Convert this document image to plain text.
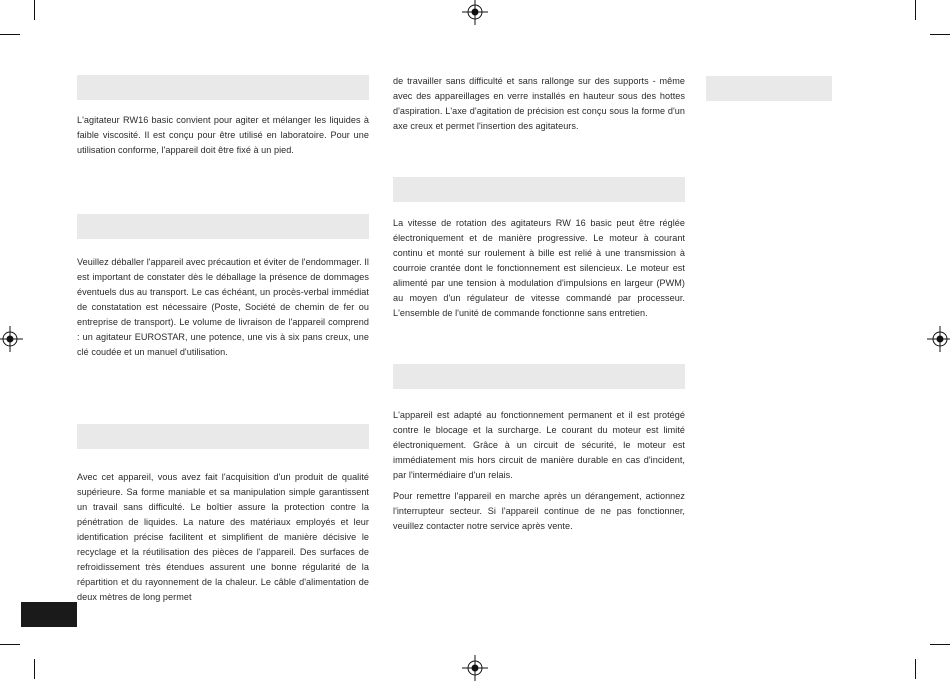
L'agitateur RW16 basic convient pour agiter et mélanger les liquides à faible viscosité. Il est conçu pour être utilisé en laboratoire. Pour une utilisation conforme, l'appareil doit être fixé à un pied.

Veuillez déballer l'appareil avec précaution et éviter de l'endommager. Il est important de constater dès le déballage la présence de dommages éventuels dus au transport. Le cas échéant, un procès-verbal immédiat de constatation est nécessaire (Poste, Société de chemin de fer ou entreprise de transport). Le volume de livraison de l'appareil comprend : un agitateur EUROSTAR, une potence, une vis à six pans creux, une clé coudée et un manuel d'utilisation.

Avec cet appareil, vous avez fait l'acquisition d'un produit de qualité supérieure. Sa forme maniable et sa manipulation simple garantissent un travail sans difficulté. Le boîtier assure la protection contre la pénétration de liquides. La nature des matériaux employés et leur identification précise facilitent et simplifient de manière décisive le recyclage et la réutilisation des pièces de l'appareil. Des surfaces de refroidissement très étendues assurent une bonne régularité de la répartition et du rayonnement de la chaleur. Le câble d'alimentation de deux mètres de long permet

de travailler sans difficulté et sans rallonge sur des supports - même avec des appareillages en verre installés en hauteur sous des hottes d'aspiration. L'axe d'agitation de précision est conçu sous la forme d'un axe creux et permet l'insertion des agitateurs.

La vitesse de rotation des agitateurs RW 16 basic peut être réglée électroniquement et de manière progressive. Le moteur à courant continu et monté sur roulement à bille est relié à une transmission à courroie crantée dont le fonctionnement est silencieux. Le moteur est alimenté par une tension à modulation d'impulsions en largeur (PWM) au moyen d'un régulateur de vitesse commandé par processeur. L'ensemble de l'unité de commande fonctionne sans entretien.

L'appareil est adapté au fonctionnement permanent et il est protégé contre le blocage et la surcharge. Le courant du moteur est limité électroniquement. Grâce à un circuit de sécurité, le moteur est immédiatement mis hors circuit de manière durable en cas d'incident, par l'intermédiaire d'un relais.

Pour remettre l'appareil en marche après un dérangement, actionnez l'interrupteur secteur. Si l'appareil continue de ne pas fonctionner, veuillez contacter notre service après vente.
